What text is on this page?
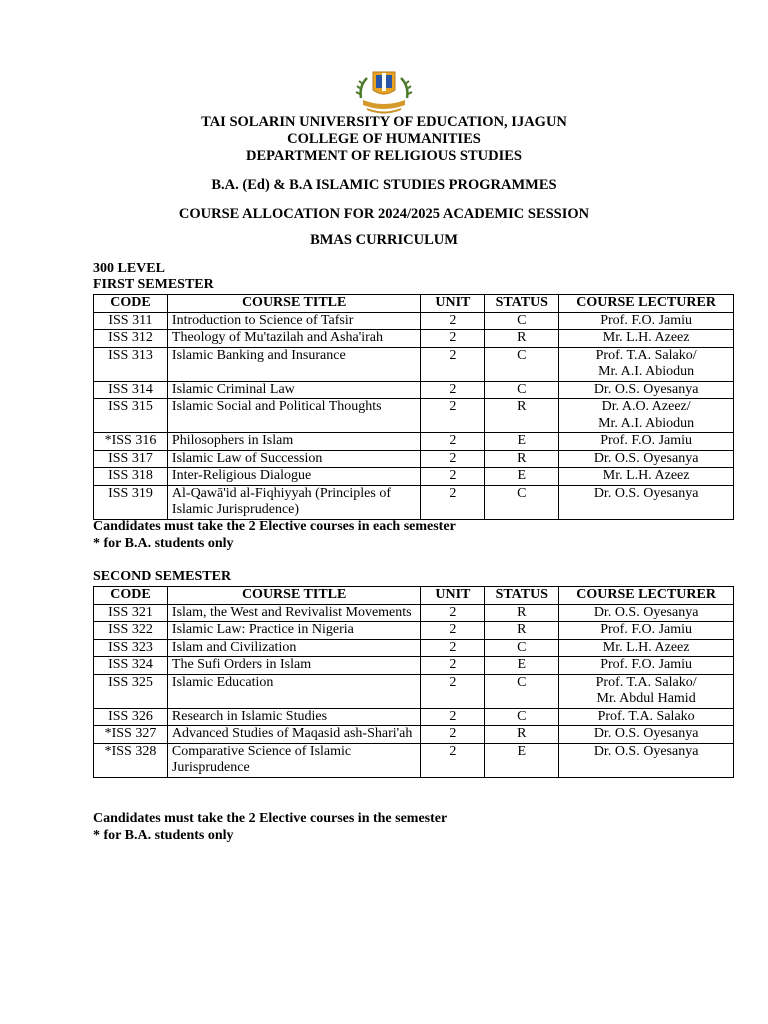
TAI SOLARIN UNIVERSITY OF EDUCATION, IJAGUN
COLLEGE OF HUMANITIES
DEPARTMENT OF RELIGIOUS STUDIES
B.A. (Ed) & B.A ISLAMIC STUDIES PROGRAMMES
COURSE ALLOCATION FOR 2024/2025 ACADEMIC SESSION
BMAS CURRICULUM
300 LEVEL
FIRST SEMESTER
CODE	COURSE TITLE	UNIT	STATUS	COURSE LECTURER
ISS 311	Introduction to Science of Tafsir	2	C	Prof. F.O. Jamiu
ISS 312	Theology of Mu'tazilah and Asha'irah	2	R	Mr. L.H. Azeez
ISS 313	Islamic Banking and Insurance	2	C	Prof. T.A. Salako/
Mr. A.I. Abiodun

ISS 314	Islamic Criminal Law	2	C	Dr. O.S. Oyesanya
ISS 315	Islamic Social and Political Thoughts	2	R	Dr. A.O. Azeez/
Mr. A.I. Abiodun

*ISS 316	Philosophers in Islam	2	E	Prof. F.O. Jamiu
ISS 317	Islamic Law of Succession	2	R	Dr. O.S. Oyesanya
ISS 318	Inter-Religious Dialogue	2	E	Mr. L.H. Azeez
ISS 319	Al-Qawā'id al-Fiqhiyyah (Principles of Islamic Jurisprudence)	2	C	Dr. O.S. Oyesanya
Candidates must take the 2 Elective courses in each semester
* for B.A. students only
SECOND SEMESTER
CODE	COURSE TITLE	UNIT	STATUS	COURSE LECTURER
ISS 321	Islam, the West and Revivalist Movements	2	R	Dr. O.S. Oyesanya
ISS 322	Islamic Law: Practice in Nigeria	2	R	Prof. F.O. Jamiu
ISS 323	Islam and Civilization	2	C	Mr. L.H. Azeez
ISS 324	The Sufi Orders in Islam	2	E	Prof. F.O. Jamiu
ISS 325	Islamic Education	2	C	Prof. T.A. Salako/
Mr. Abdul Hamid

ISS 326	Research in Islamic Studies	2	C	Prof. T.A. Salako
*ISS 327	Advanced Studies of Maqasid ash-Shari'ah	2	R	Dr. O.S. Oyesanya
*ISS 328	Comparative Science of Islamic Jurisprudence	2	E	Dr. O.S. Oyesanya
Candidates must take the 2 Elective courses in the semester
* for B.A. students only
